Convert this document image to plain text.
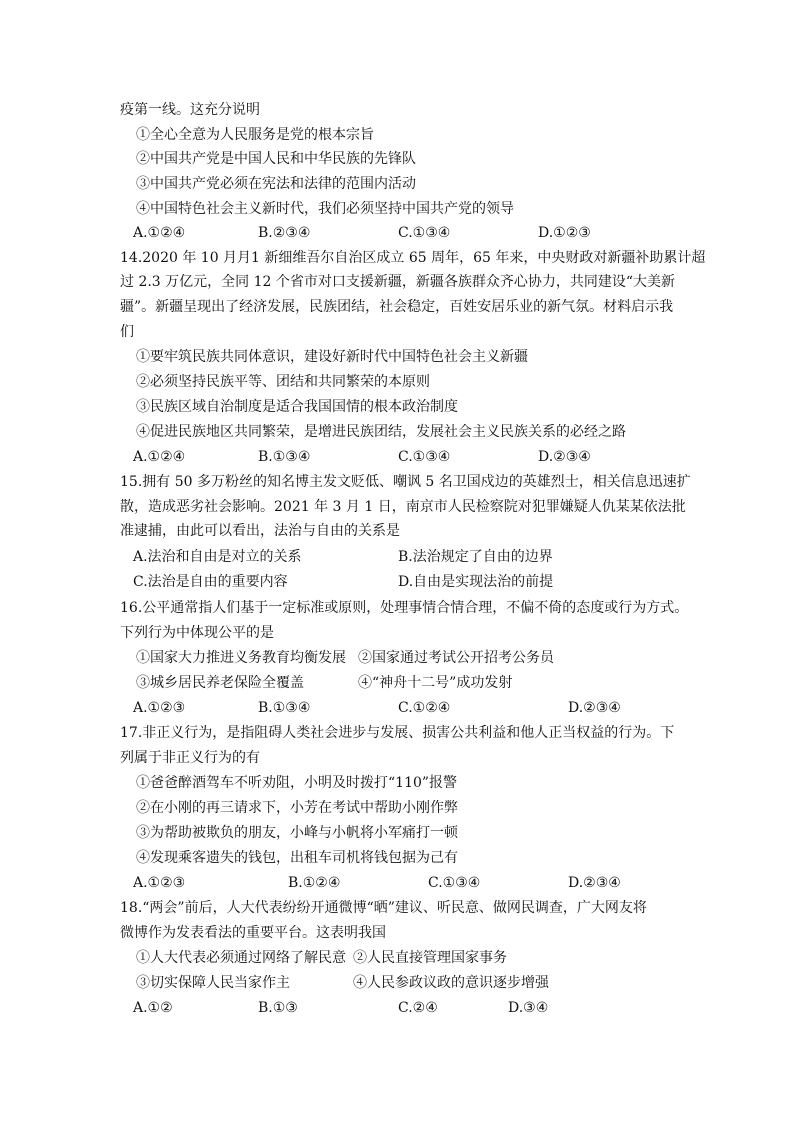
疫第一线。这充分说明
①全心全意为人民服务是党的根本宗旨
②中国共产党是中国人民和中华民族的先锋队
③中国共产党必须在宪法和法律的范围内活动
④中国特色社会主义新时代，我们必须坚持中国共产党的领导
A.①②④	B.②③④	C.①③④	D.①②③
14.2020 年 10 月月1 新细维吾尔自治区成立 65 周年，65 年来，中央财政对新疆补助累计超
过 2.3 万亿元，全同 12 个省市对口支援新疆，新疆各族群众齐心协力，共同建设“大美新
疆”。新疆呈现出了经济发展，民族团结，社会稳定，百姓安居乐业的新气氛。材料启示我
们
①要牢筑民族共同体意识，建设好新时代中国特色社会主义新疆
②必须坚持民族平等、团结和共同繁荣的本原则
③民族区域自治制度是适合我国国情的根本政治制度
④促进民族地区共同繁荣，是增进民族团结，发展社会主义民族关系的必经之路
A.①②④	B.①③④	C.①③④	D.②③④
15.拥有 50 多万粉丝的知名博主发文贬低、嘲讽 5 名卫国戍边的英雄烈士，相关信息迅速扩
散，造成恶劣社会影响。2021 年 3 月 1 日，南京市人民检察院对犯罪嫌疑人仇某某依法批
准逮捕，由此可以看出，法治与自由的关系是
A.法治和自由是对立的关系	B.法治规定了自由的边界
C.法治是自由的重要内容	D.自由是实现法治的前提
16.公平通常指人们基于一定标准或原则，处理事情合情合理，不偏不倚的态度或行为方式。
下列行为中体现公平的是
①国家大力推进义务教育均衡发展 ②国家通过考试公开招考公务员
③城乡居民养老保险全覆盖	④“神舟十二号”成功发射
A.①②③	B.①③④	C.①②④	D.②③④
17.非正义行为，是指阻碍人类社会进步与发展、损害公共利益和他人正当权益的行为。下
列属于非正义行为的有
①爸爸醉酒驾车不听劝阻，小明及时拨打“110”报警
②在小刚的再三请求下，小芳在考试中帮助小刚作弊
③为帮助被欺负的朋友，小峰与小帆将小军痛打一顿
④发现乘客遗失的钱包，出租车司机将钱包据为己有
A.①②③	B.①②④	C.①③④	D.②③④
18.“两会”前后，人大代表纷纷开通微博“晒”建议、听民意、做网民调查，广大网友将
微博作为发表看法的重要平台。这表明我国
①人大代表必须通过网络了解民意 ②人民直接管理国家事务
③切实保障人民当家作主	④人民参政议政的意识逐步增强
A.①②	B.①③	C.②④	D.③④
